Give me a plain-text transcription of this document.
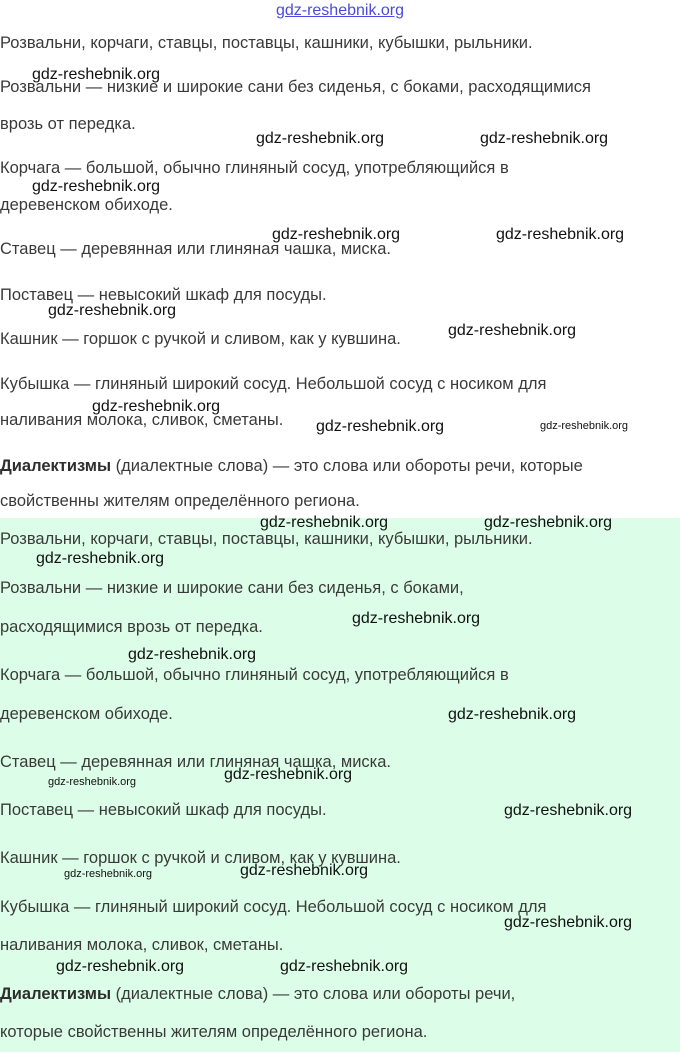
gdz-reshebnik.org

Розвальни, корчаги, ставцы, поставцы, кашники, кубышки, рыльники.

Розвальни — низкие и широкие сани без сиденья, с боками, расходящимися

врозь от передка.

Корчага — большой, обычно глиняный сосуд, употребляющийся в

деревенском обиходе.

Ставец — деревянная или глиняная чашка, миска.

Поставец — невысокий шкаф для посуды.

Кашник — горшок с ручкой и сливом, как у кувшина.

Кубышка — глиняный широкий сосуд. Небольшой сосуд с носиком для

наливания молока, сливок, сметаны.

Диалектизмы (диалектные слова) — это слова или обороты речи, которые

свойственны жителям определённого региона.

Розвальни, корчаги, ставцы, поставцы, кашники, кубышки, рыльники.

Розвальни — низкие и широкие сани без сиденья, с боками,

расходящимися врозь от передка.

Корчага — большой, обычно глиняный сосуд, употребляющийся в

деревенском обиходе.

Ставец — деревянная или глиняная чашка, миска.

Поставец — невысокий шкаф для посуды.

Кашник — горшок с ручкой и сливом, как у кувшина.

Кубышка — глиняный широкий сосуд. Небольшой сосуд с носиком для

наливания молока, сливок, сметаны.

Диалектизмы (диалектные слова) — это слова или обороты речи,

которые свойственны жителям определённого региона.

gdz-reshebnik.org
gdz-reshebnik.org	gdz-reshebnik.org
gdz-reshebnik.org
gdz-reshebnik.org	gdz-reshebnik.org
gdz-reshebnik.org
gdz-reshebnik.org
gdz-reshebnik.org
gdz-reshebnik.org	gdz-reshebnik.org
gdz-reshebnik.org	gdz-reshebnik.org
gdz-reshebnik.org
gdz-reshebnik.org
gdz-reshebnik.org
gdz-reshebnik.org
gdz-reshebnik.org
gdz-reshebnik.org
gdz-reshebnik.org
gdz-reshebnik.org
gdz-reshebnik.org
gdz-reshebnik.org
gdz-reshebnik.org	gdz-reshebnik.org
